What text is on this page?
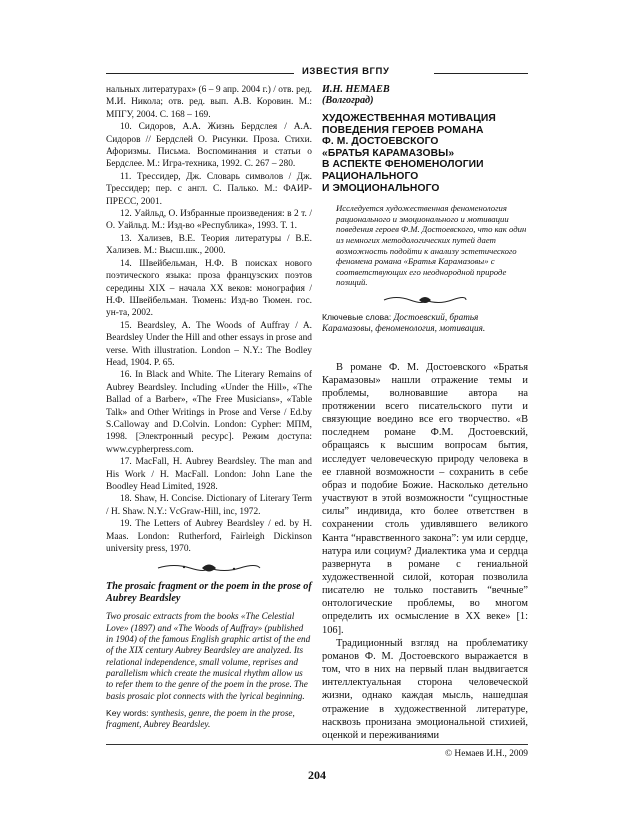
ИЗВЕСТИЯ ВГПУ

нальных литературах» (6 – 9 апр. 2004 г.) / отв. ред. М.И. Никола; отв. ред. вып. А.В. Коровин. М.: МПГУ, 2004. С. 168 – 169.

10. Сидоров, А.А. Жизнь Бердслея / А.А. Сидоров // Бердслей О. Рисунки. Проза. Стихи. Афоризмы. Письма. Воспоминания и статьи о Бердслее. М.: Игра-техника, 1992. С. 267 – 280.

11. Трессидер, Дж. Словарь символов / Дж. Трессидер; пер. с англ. С. Палько. М.: ФАИР-ПРЕСС, 2001.

12. Уайльд, О. Избранные произведения: в 2 т. / О. Уайльд. М.: Изд-во «Республика», 1993. Т. 1.

13. Хализев, В.Е. Теория литературы / В.Е. Хализев. М.: Высш.шк., 2000.

14. Швейбельман, Н.Ф. В поисках нового поэтического языка: проза французских поэтов середины XIX – начала XX веков: монография / Н.Ф. Швейбельман. Тюмень: Изд-во Тюмен. гос. ун-та, 2002.

15. Beardsley, A. The Woods of Auffray / A. Beardsley Under the Hill and other essays in prose and verse. With illustration. London – N.Y.: The Bodley Head, 1904. P. 65.

16. In Black and White. The Literary Remains of Aubrey Beardsley. Including «Under the Hill», «The Ballad of a Barber», «The Free Musicians», «Table Talk» and Other Writings in Prose and Verse / Ed.by S.Calloway and D.Colvin. London: Cypher: МПМ, 1998. [Электронный ресурс]. Режим доступа: www.cypherpress.com.

17. MacFall, H. Aubrey Beardsley. The man and His Work / H. MacFall. London: John Lane the Boodley Head Limited, 1928.

18. Shaw, H. Concise. Dictionary of Literary Term / H. Shaw. N.Y.: VcGraw-Hill, inc, 1972.

19. The Letters of Aubrey Beardsley / ed. by H. Maas. London: Rutherford, Fairleigh Dickinson university press, 1970.

The prosaic fragment or the poem in the prose of Aubrey Beardsley

Two prosaic extracts from the books «The Celestial Love» (1897) and «The Woods of Auffray» (published in 1904) of the famous English graphic artist of the end of the XIX century Aubrey Beardsley are analyzed. Its relational independence, small volume, reprises and parallelism which create the musical rhythm allow us to refer them to the genre of the poem in the prose. The basis prosaic plot connects with the lyrical beginning.

Key words: synthesis, genre, the poem in the prose, fragment, Aubrey Beardsley.

И.Н. НЕМАЕВ

(Волгоград)

ХУДОЖЕСТВЕННАЯ МОТИВАЦИЯ
ПОВЕДЕНИЯ ГЕРОЕВ РОМАНА
Ф. М. ДОСТОЕВСКОГО
«БРАТЬЯ КАРАМАЗОВЫ»
В АСПЕКТЕ ФЕНОМЕНОЛОГИИ
РАЦИОНАЛЬНОГО
И ЭМОЦИОНАЛЬНОГО

Исследуется художественная феноменология рационального и эмоционального и мотивации поведения героев Ф.М. Достоевского, что как один из немногих методологических путей дает возможность подойти к анализу эстетического феномена романа «Братья Карамазовы» с соответствующих его неоднородной природе позиций.

Ключевые слова: Достоевский, братья Карамазовы, феноменология, мотивация.

В романе Ф. М. Достоевского «Братья Карамазовы» нашли отражение темы и проблемы, волновавшие автора на протяжении всего писательского пути и связующие воедино все его творчество. «В последнем романе Ф.М. Достоевский, обращаясь к высшим вопросам бытия, исследует человеческую природу человека в ее главной возможности – сохранить в себе образ и подобие Божие. Насколько детельно участвуют в этой возможности “сущностные силы” индивида, кто более ответствен в сохранении столь удивлявшего великого Канта “нравственного закона”: ум или сердце, натура или социум? Диалектика ума и сердца развернута в романе с гениальной художественной силой, которая позволила писателю не только поставить “вечные” онтологические проблемы, во многом определить их осмысление в XX веке» [1: 106].

Традиционный взгляд на проблематику романов Ф. М. Достоевского выражается в том, что в них на первый план выдвигается интеллектуальная сторона человеческой жизни, однако каждая мысль, нашедшая отражение в художественной литературе, насквозь пронизана эмоциональной стихией, оценкой и переживаниями

© Немаев И.Н., 2009
204
